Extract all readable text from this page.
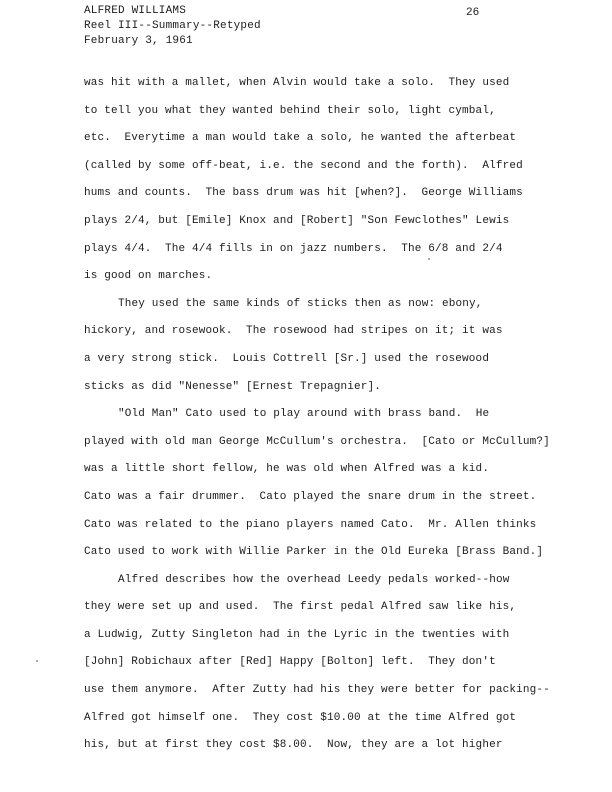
ALFRED WILLIAMS
Reel III--Summary--Retyped
February 3, 1961
26
was hit with a mallet, when Alvin would take a solo.  They used
to tell you what they wanted behind their solo, light cymbal,
etc.  Everytime a man would take a solo, he wanted the afterbeat
(called by some off-beat, i.e. the second and the forth).  Alfred
hums and counts.  The bass drum was hit [when?].  George Williams
plays 2/4, but [Emile] Knox and [Robert] "Son Fewclothes" Lewis
plays 4/4.  The 4/4 fills in on jazz numbers.  The 6/8 and 2/4
is good on marches.
They used the same kinds of sticks then as now: ebony,
hickory, and rosewook.  The rosewood had stripes on it; it was
a very strong stick.  Louis Cottrell [Sr.] used the rosewood
sticks as did "Nenesse" [Ernest Trepagnier].
"Old Man" Cato used to play around with brass band.  He
played with old man George McCullum's orchestra.  [Cato or McCullum?]
was a little short fellow, he was old when Alfred was a kid.
Cato was a fair drummer.  Cato played the snare drum in the street.
Cato was related to the piano players named Cato.  Mr. Allen thinks
Cato used to work with Willie Parker in the Old Eureka [Brass Band.]
Alfred describes how the overhead Leedy pedals worked--how
they were set up and used.  The first pedal Alfred saw like his,
a Ludwig, Zutty Singleton had in the Lyric in the twenties with
[John] Robichaux after [Red] Happy [Bolton] left.  They don't
use them anymore.  After Zutty had his they were better for packing--
Alfred got himself one.  They cost $10.00 at the time Alfred got
his, but at first they cost $8.00.  Now, they are a lot higher
